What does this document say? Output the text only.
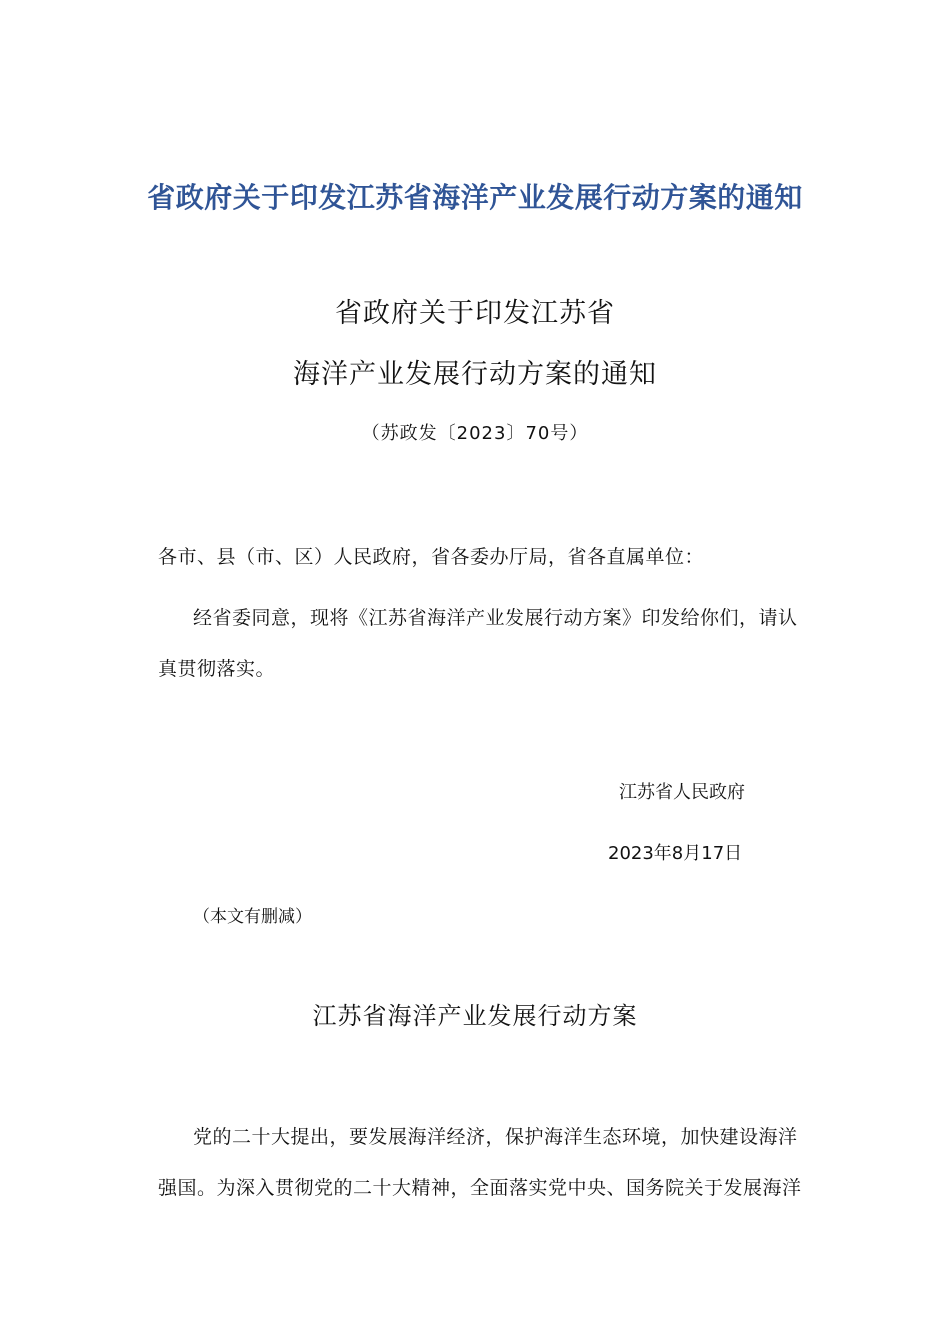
省政府关于印发江苏省海洋产业发展行动方案的通知
省政府关于印发江苏省
海洋产业发展行动方案的通知
（苏政发〔2023〕70号）
各市、县（市、区）人民政府，省各委办厅局，省各直属单位：
经省委同意，现将《江苏省海洋产业发展行动方案》印发给你们，请认
真贯彻落实。
江苏省人民政府
2023年8月17日
（本文有删减）
江苏省海洋产业发展行动方案
党的二十大提出，要发展海洋经济，保护海洋生态环境，加快建设海洋
强国。为深入贯彻党的二十大精神，全面落实党中央、国务院关于发展海洋
